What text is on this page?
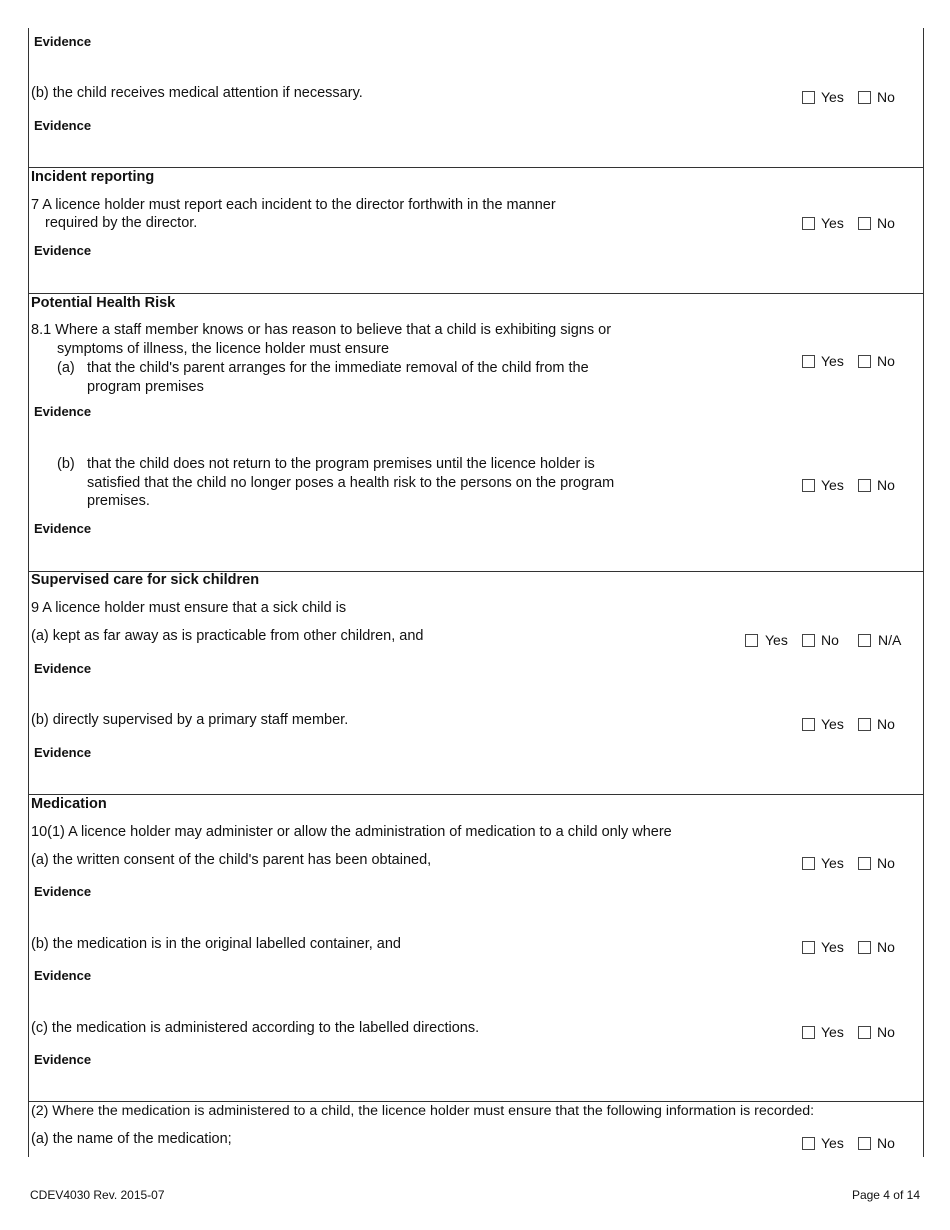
Evidence
(b) the child receives medical attention if necessary.	Yes No
Evidence
Incident reporting
7 A licence holder must report each incident to the director forthwith in the manner
required by the director.	Yes No
Evidence
Potential Health Risk
8.1 Where a staff member knows or has reason to believe that a child is exhibiting signs or
symptoms of illness, the licence holder must ensure
(a) that the child's parent arranges for the immediate removal of the child from the
program premises
Yes No
Evidence
(b) that the child does not return to the program premises until the licence holder is
satisfied that the child no longer poses a health risk to the persons on the program
premises.
Yes No
Evidence
Supervised care for sick children
9 A licence holder must ensure that a sick child is
(a) kept as far away as is practicable from other children, and	Yes No	N/A
Evidence
(b) directly supervised by a primary staff member.	Yes No
Evidence
Medication
10(1) A licence holder may administer or allow the administration of medication to a child only where
(a) the written consent of the child's parent has been obtained,	Yes No
Evidence
(b) the medication is in the original labelled container, and	Yes No
Evidence
(c) the medication is administered according to the labelled directions.	Yes No
Evidence
(2) Where the medication is administered to a child, the licence holder must ensure that the following information is recorded:
(a) the name of the medication;	Yes No
CDEV4030 Rev. 2015-07	Page 4 of 14
